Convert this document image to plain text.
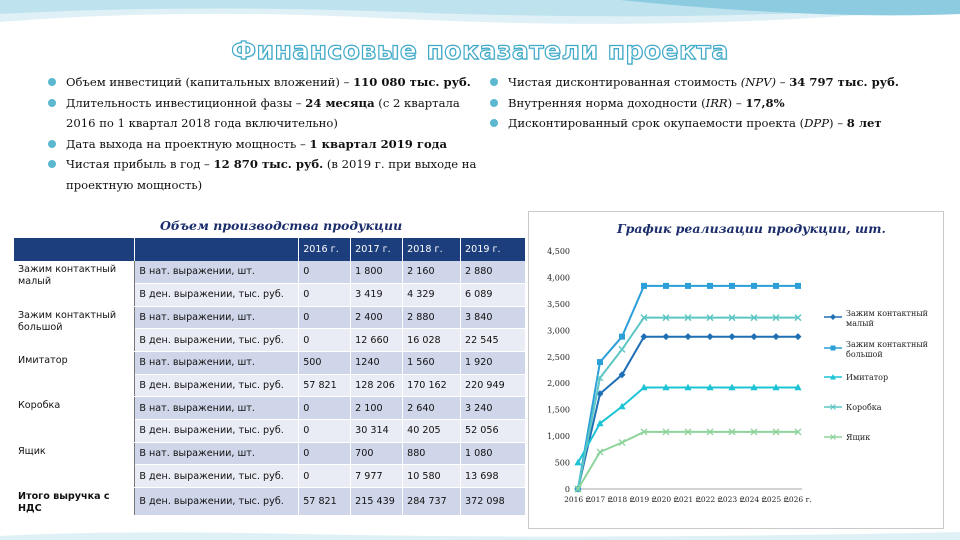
Финансовые показатели проекта
Объем инвестиций (капитальных вложений) – 110 080 тыс. руб.
Длительность инвестиционной фазы – 24 месяца (с 2 квартала 2016 по 1 квартал 2018 года включительно)
Дата выхода на проектную мощность – 1 квартал 2019 года
Чистая прибыль в год – 12 870 тыс. руб. (в 2019 г. при выходе на проектную мощность)
Чистая дисконтированная стоимость (NPV) – 34 797 тыс. руб.
Внутренняя норма доходности (IRR) – 17,8%
Дисконтированный срок окупаемости проекта (DPP) – 8 лет
Объем производства продукции
		2016 г.	2017 г.	2018 г.	2019 г.
Зажим контактный малый	В нат. выражении, шт.	0	1 800	2 160	2 880
	В ден. выражении, тыс. руб.	0	3 419	4 329	6 089
Зажим контактный большой	В нат. выражении, шт.	0	2 400	2 880	3 840
	В ден. выражении, тыс. руб.	0	12 660	16 028	22 545
Имитатор	В нат. выражении, шт.	500	1240	1 560	1 920
	В ден. выражении, тыс. руб.	57 821	128 206	170 162	220 949
Коробка	В нат. выражении, шт.	0	2 100	2 640	3 240
	В ден. выражении, тыс. руб.	0	30 314	40 205	52 056
Ящик	В нат. выражении, шт.	0	700	880	1 080
	В ден. выражении, тыс. руб.	0	7 977	10 580	13 698
Итого выручка с НДС	В ден. выражении, тыс. руб.	57 821	215 439	284 737	372 098
График реализации продукции, шт.
0
500
1,000
1,500
2,000
2,500
3,000
3,500
4,000
4,500
2016 г.
2017 г.
2018 г.
2019 г.
2020 г.
2021 г.
2022 г.
2023 г.
2024 г.
2025 г.
2026 г.
Зажим контактный малый
Зажим контактный большой
Имитатор
Коробка
Ящик
